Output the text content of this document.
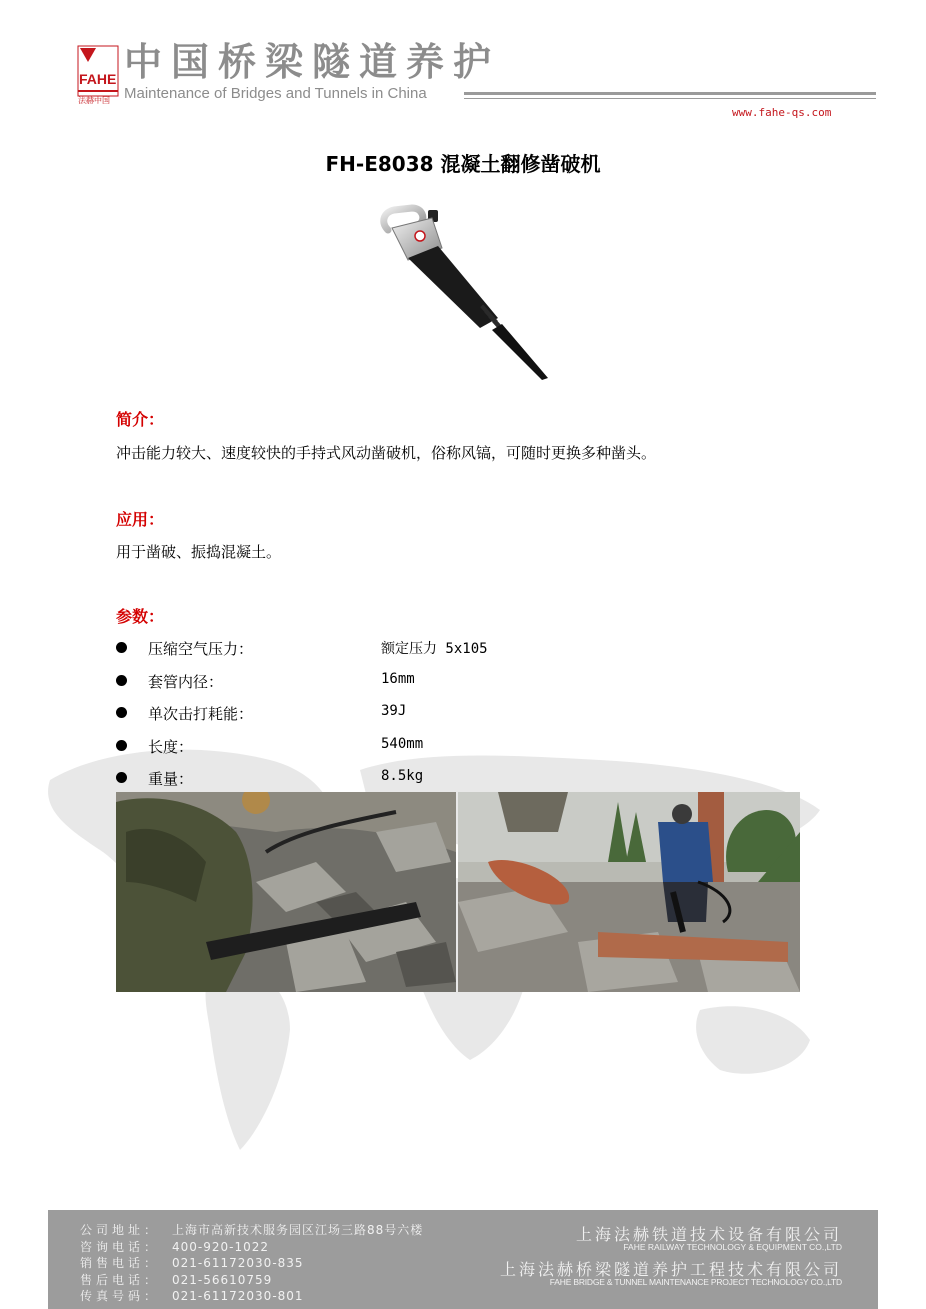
FAHE
法赫中国
中国桥梁隧道养护
Maintenance of Bridges and Tunnels in China
www.fahe-qs.com
FH-E8038 混凝土翻修凿破机
简介：
冲击能力较大、速度较快的手持式风动凿破机，俗称风镐，可随时更换多种凿头。
应用：
用于凿破、振捣混凝土。
参数：
压缩空气压力：	额定压力 5x105
套管内径：	16mm
单次击打耗能：	39J
长度：	540mm
重量：	8.5kg
公司地址： 上海市高新技术服务园区江场三路88号六楼
咨询电话： 400-920-1022
销售电话： 021-61172030-835
售后电话： 021-56610759
传真号码： 021-61172030-801
上海法赫铁道技术设备有限公司
FAHE RAILWAY TECHNOLOGY & EQUIPMENT CO.,LTD
上海法赫桥梁隧道养护工程技术有限公司
FAHE BRIDGE & TUNNEL MAINTENANCE PROJECT TECHNOLOGY CO.,LTD
